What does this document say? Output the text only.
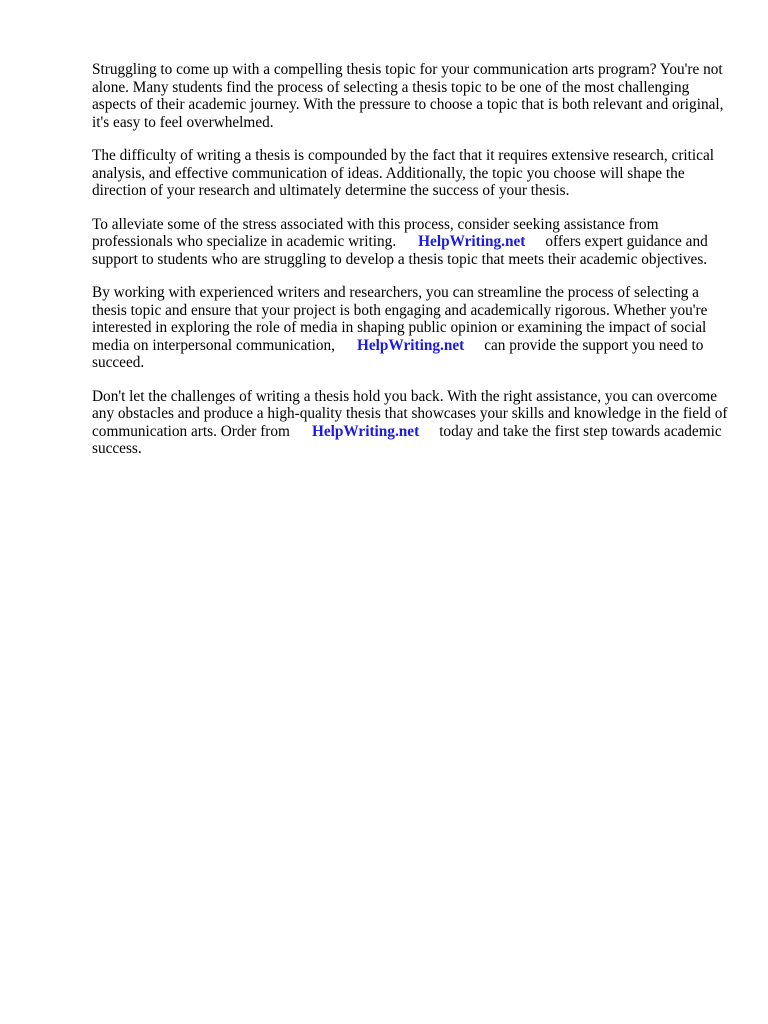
Struggling to come up with a compelling thesis topic for your communication arts program? You're not alone. Many students find the process of selecting a thesis topic to be one of the most challenging aspects of their academic journey. With the pressure to choose a topic that is both relevant and original, it's easy to feel overwhelmed.

The difficulty of writing a thesis is compounded by the fact that it requires extensive research, critical analysis, and effective communication of ideas. Additionally, the topic you choose will shape the direction of your research and ultimately determine the success of your thesis.

To alleviate some of the stress associated with this process, consider seeking assistance from professionals who specialize in academic writing. HelpWriting.net offers expert guidance and support to students who are struggling to develop a thesis topic that meets their academic objectives.

By working with experienced writers and researchers, you can streamline the process of selecting a thesis topic and ensure that your project is both engaging and academically rigorous. Whether you're interested in exploring the role of media in shaping public opinion or examining the impact of social media on interpersonal communication, HelpWriting.net can provide the support you need to succeed.

Don't let the challenges of writing a thesis hold you back. With the right assistance, you can overcome any obstacles and produce a high-quality thesis that showcases your skills and knowledge in the field of communication arts. Order from HelpWriting.net today and take the first step towards academic success.
